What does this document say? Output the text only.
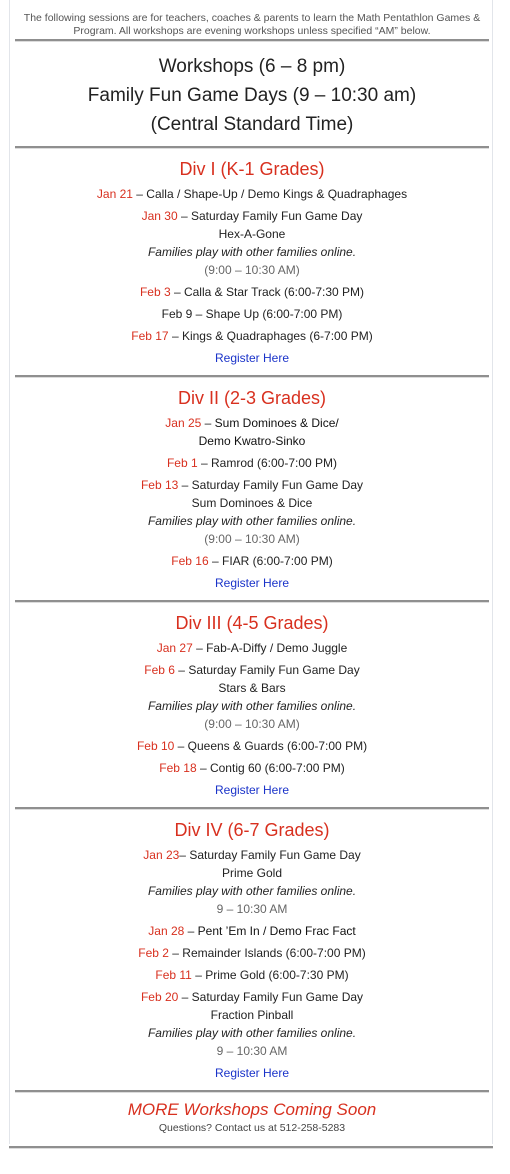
The following sessions are for teachers, coaches & parents to learn the Math Pentathlon Games &
Program. All workshops are evening workshops unless specified “AM” below.
Workshops (6 – 8 pm)
Family Fun Game Days (9 – 10:30 am)
(Central Standard Time)
Div I (K-1 Grades)
Jan 21 – Calla / Shape-Up / Demo Kings & Quadraphages
Jan 30 – Saturday Family Fun Game Day
Hex-A-Gone
Families play with other families online.
(9:00 – 10:30 AM)
Feb 3 – Calla & Star Track (6:00-7:30 PM)
Feb 9 – Shape Up (6:00-7:00 PM)
Feb 17 – Kings & Quadraphages (6-7:00 PM)
Register Here
Div II (2-3 Grades)
Jan 25 – Sum Dominoes & Dice/
Demo Kwatro-Sinko
Feb 1 – Ramrod (6:00-7:00 PM)
Feb 13 – Saturday Family Fun Game Day
Sum Dominoes & Dice
Families play with other families online.
(9:00 – 10:30 AM)
Feb 16 – FIAR (6:00-7:00 PM)
Register Here
Div III (4-5 Grades)
Jan 27 – Fab-A-Diffy / Demo Juggle
Feb 6 – Saturday Family Fun Game Day
Stars & Bars
Families play with other families online.
(9:00 – 10:30 AM)
Feb 10 – Queens & Guards (6:00-7:00 PM)
Feb 18 – Contig 60 (6:00-7:00 PM)
Register Here
Div IV (6-7 Grades)
Jan 23– Saturday Family Fun Game Day
Prime Gold
Families play with other families online.
9 – 10:30 AM
Jan 28 – Pent ’Em In / Demo Frac Fact
Feb 2 – Remainder Islands (6:00-7:00 PM)
Feb 11 – Prime Gold (6:00-7:30 PM)
Feb 20 – Saturday Family Fun Game Day
Fraction Pinball
Families play with other families online.
9 – 10:30 AM
Register Here
MORE Workshops Coming Soon
Questions? Contact us at 512-258-5283
